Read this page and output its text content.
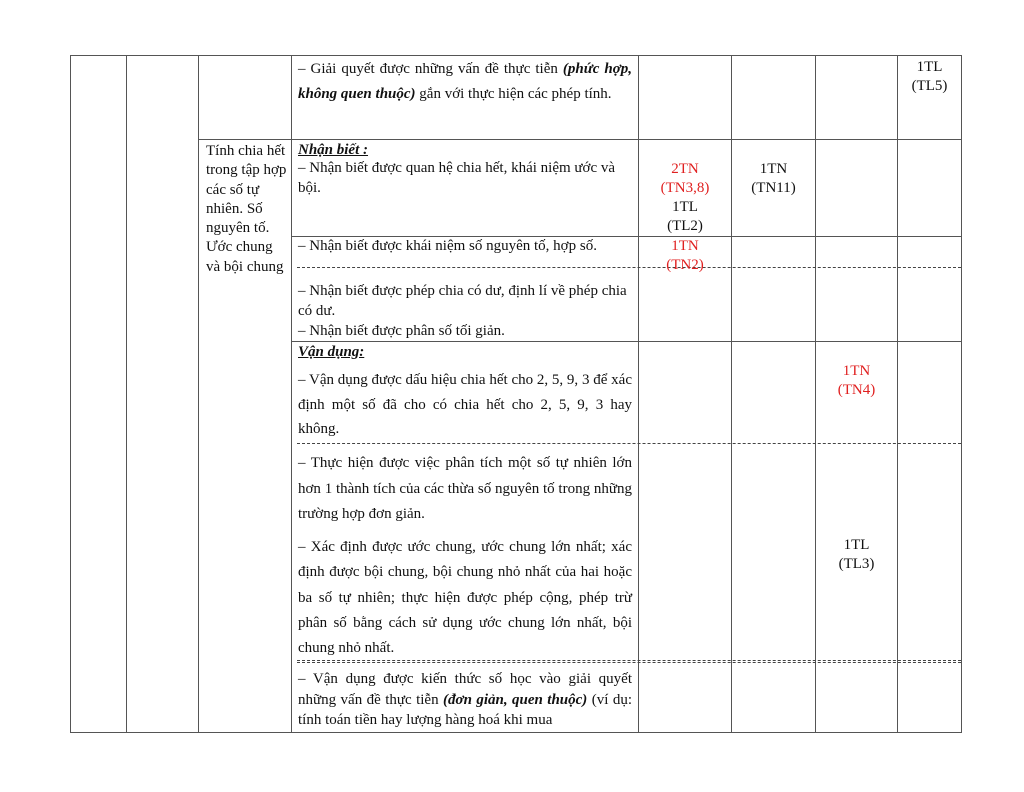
– Giải quyết được những vấn đề thực tiễn (phức hợp, không quen thuộc) gắn với thực hiện các phép tính.
1TL
(TL5)
Tính chia hết trong tập hợp các số tự nhiên. Số nguyên tố. Ước chung và bội chung
Nhận biết :
– Nhận biết được quan hệ chia hết, khái niệm ước và bội.
2TN
(TN3,8)
1TL
(TL2)
1TN
(TN11)
– Nhận biết được khái niệm số nguyên tố, hợp số.	1TN
(TN2)
– Nhận biết được phép chia có dư, định lí về phép chia có dư.
– Nhận biết được phân số tối giản.
Vận dụng:
– Vận dụng được dấu hiệu chia hết cho 2, 5, 9, 3 để xác định một số đã cho có chia hết cho 2, 5, 9, 3 hay không.
1TN
(TN4)
– Thực hiện được việc phân tích một số tự nhiên lớn hơn 1 thành tích của các thừa số nguyên tố trong những trường hợp đơn giản.
– Xác định được ước chung, ước chung lớn nhất; xác định được bội chung, bội chung nhỏ nhất của hai hoặc ba số tự nhiên; thực hiện được phép cộng, phép trừ phân số bằng cách sử dụng ước chung lớn nhất, bội chung nhỏ nhất.
1TL
(TL3)
– Vận dụng được kiến thức số học vào giải quyết những vấn đề thực tiễn (đơn giản, quen thuộc) (ví dụ: tính toán tiền hay lượng hàng hoá khi mua
